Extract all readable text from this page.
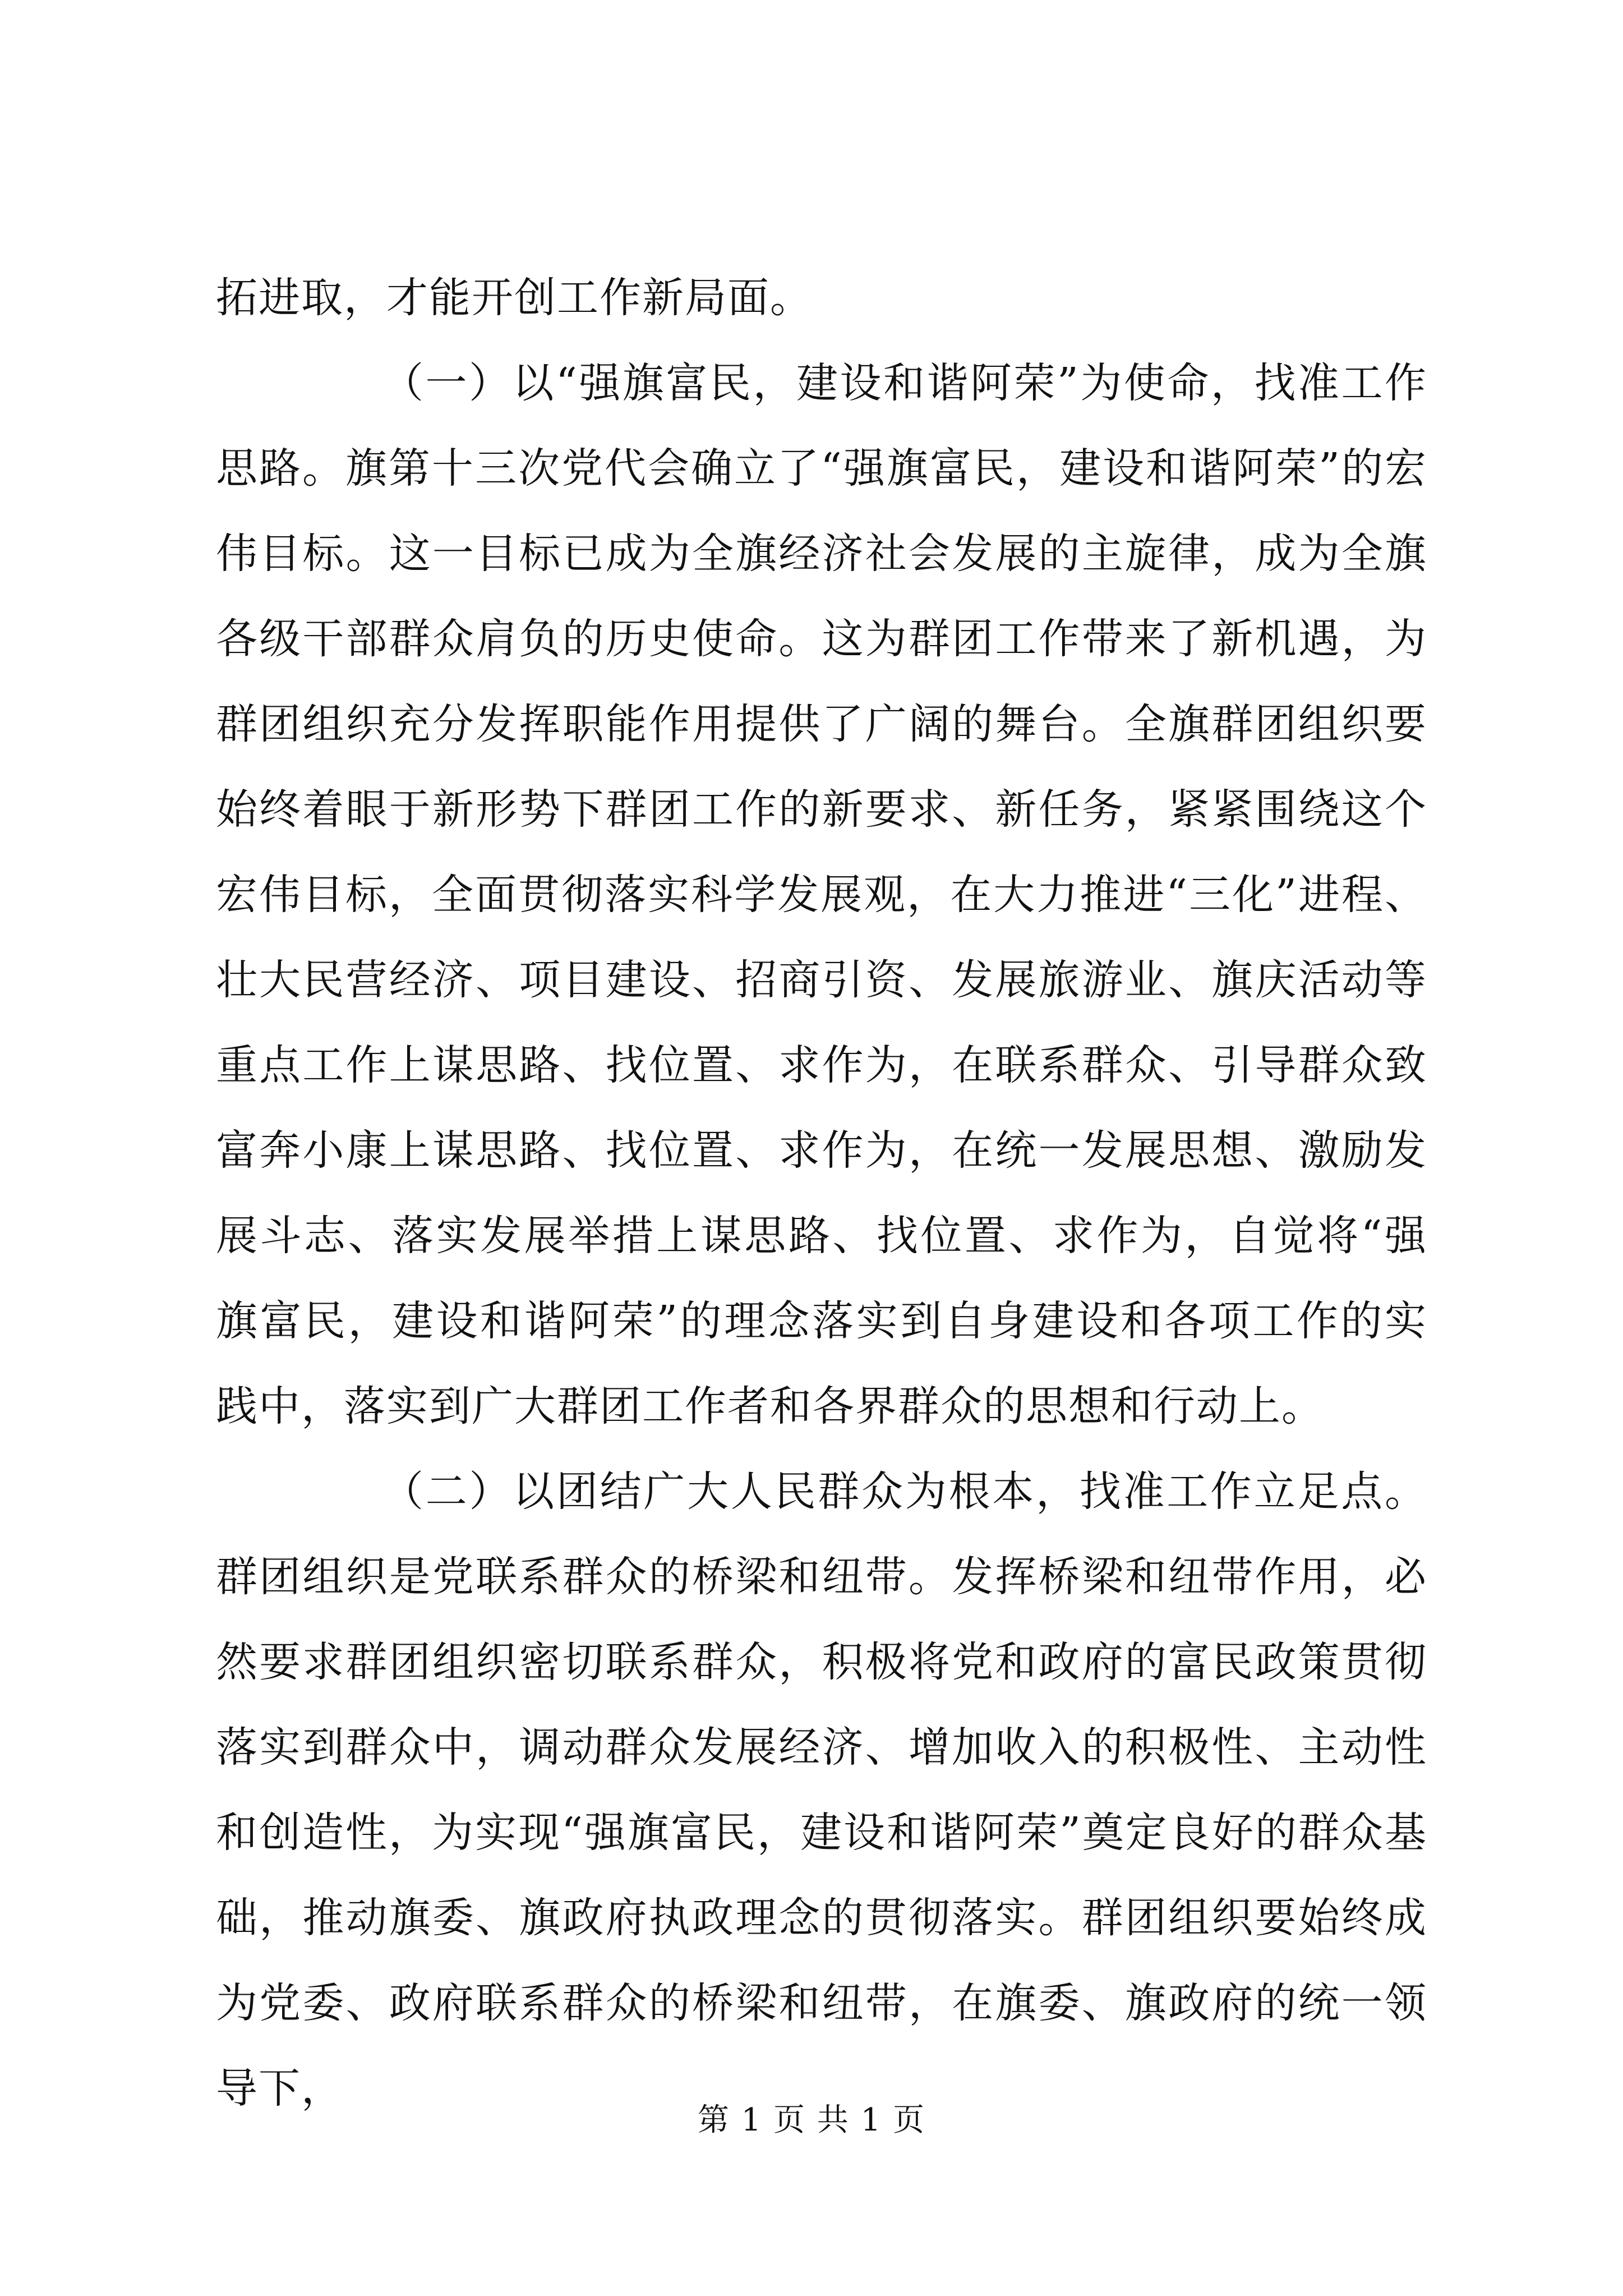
拓进取，才能开创工作新局面。

（一）以“强旗富民，建设和谐阿荣”为使命，找准工作思路。旗第十三次党代会确立了“强旗富民，建设和谐阿荣”的宏伟目标。这一目标已成为全旗经济社会发展的主旋律，成为全旗各级干部群众肩负的历史使命。这为群团工作带来了新机遇，为群团组织充分发挥职能作用提供了广阔的舞台。全旗群团组织要始终着眼于新形势下群团工作的新要求、新任务，紧紧围绕这个宏伟目标，全面贯彻落实科学发展观，在大力推进“三化”进程、壮大民营经济、项目建设、招商引资、发展旅游业、旗庆活动等重点工作上谋思路、找位置、求作为，在联系群众、引导群众致富奔小康上谋思路、找位置、求作为，在统一发展思想、激励发展斗志、落实发展举措上谋思路、找位置、求作为，自觉将“强旗富民，建设和谐阿荣”的理念落实到自身建设和各项工作的实践中，落实到广大群团工作者和各界群众的思想和行动上。

（二）以团结广大人民群众为根本，找准工作立足点。群团组织是党联系群众的桥梁和纽带。发挥桥梁和纽带作用，必然要求群团组织密切联系群众，积极将党和政府的富民政策贯彻落实到群众中，调动群众发展经济、增加收入的积极性、主动性和创造性，为实现“强旗富民，建设和谐阿荣”奠定良好的群众基础，推动旗委、旗政府执政理念的贯彻落实。群团组织要始终成为党委、政府联系群众的桥梁和纽带，在旗委、旗政府的统一领导下，

第 1 页 共 1 页
